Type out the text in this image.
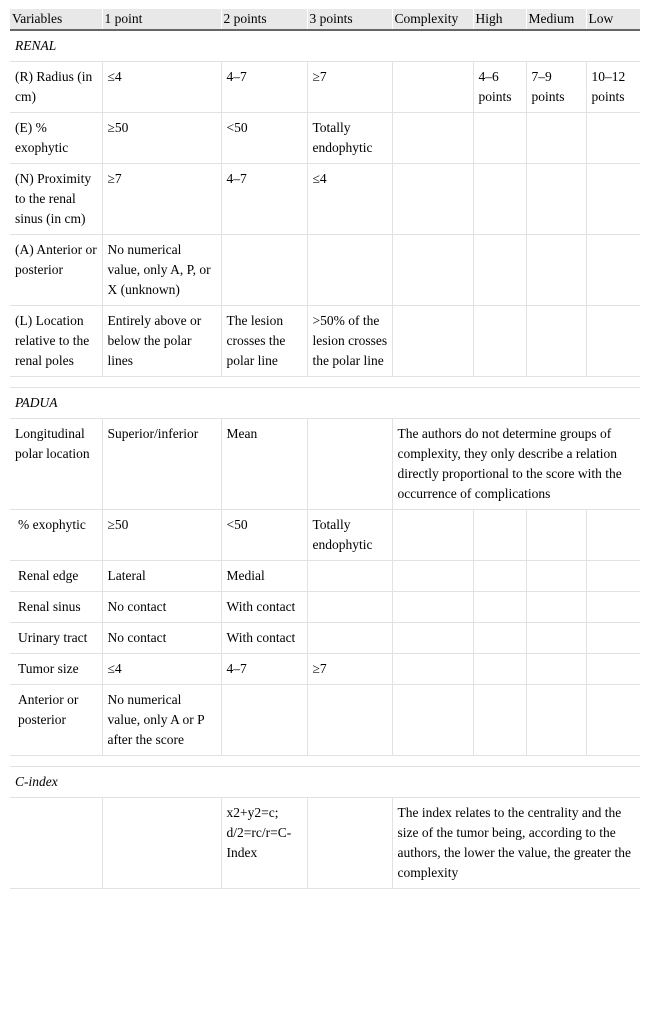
Variables	1 point	2 points	3 points	Complexity	High	Medium	Low
RENAL							
(R) Radius (in cm)	≤4	4–7	≥7		4–6 points	7–9 points	10–12 points
(E) % exophytic	≥50	<50	Totally endophytic				
(N) Proximity to the renal sinus (in cm)	≥7	4–7	≤4				
(A) Anterior or posterior	No numerical value, only A, P, or X (unknown)						
(L) Location relative to the renal poles	Entirely above or below the polar lines	The lesion crosses the polar line	>50% of the lesion crosses the polar line				

PADUA							
Longitudinal polar location	Superior/inferior	Mean		The authors do not determine groups of complexity, they only describe a relation directly proportional to the score with the occurrence of complications			
% exophytic	≥50	<50	Totally endophytic				
Renal edge	Lateral	Medial					
Renal sinus	No contact	With contact					
Urinary tract	No contact	With contact					
Tumor size	≤4	4–7	≥7				
Anterior or posterior	No numerical value, only A or P after the score						

C-index							
		x2+y2=c; d/2=rc/r=C-Index		The index relates to the centrality and the size of the tumor being, according to the authors, the lower the value, the greater the complexity			
